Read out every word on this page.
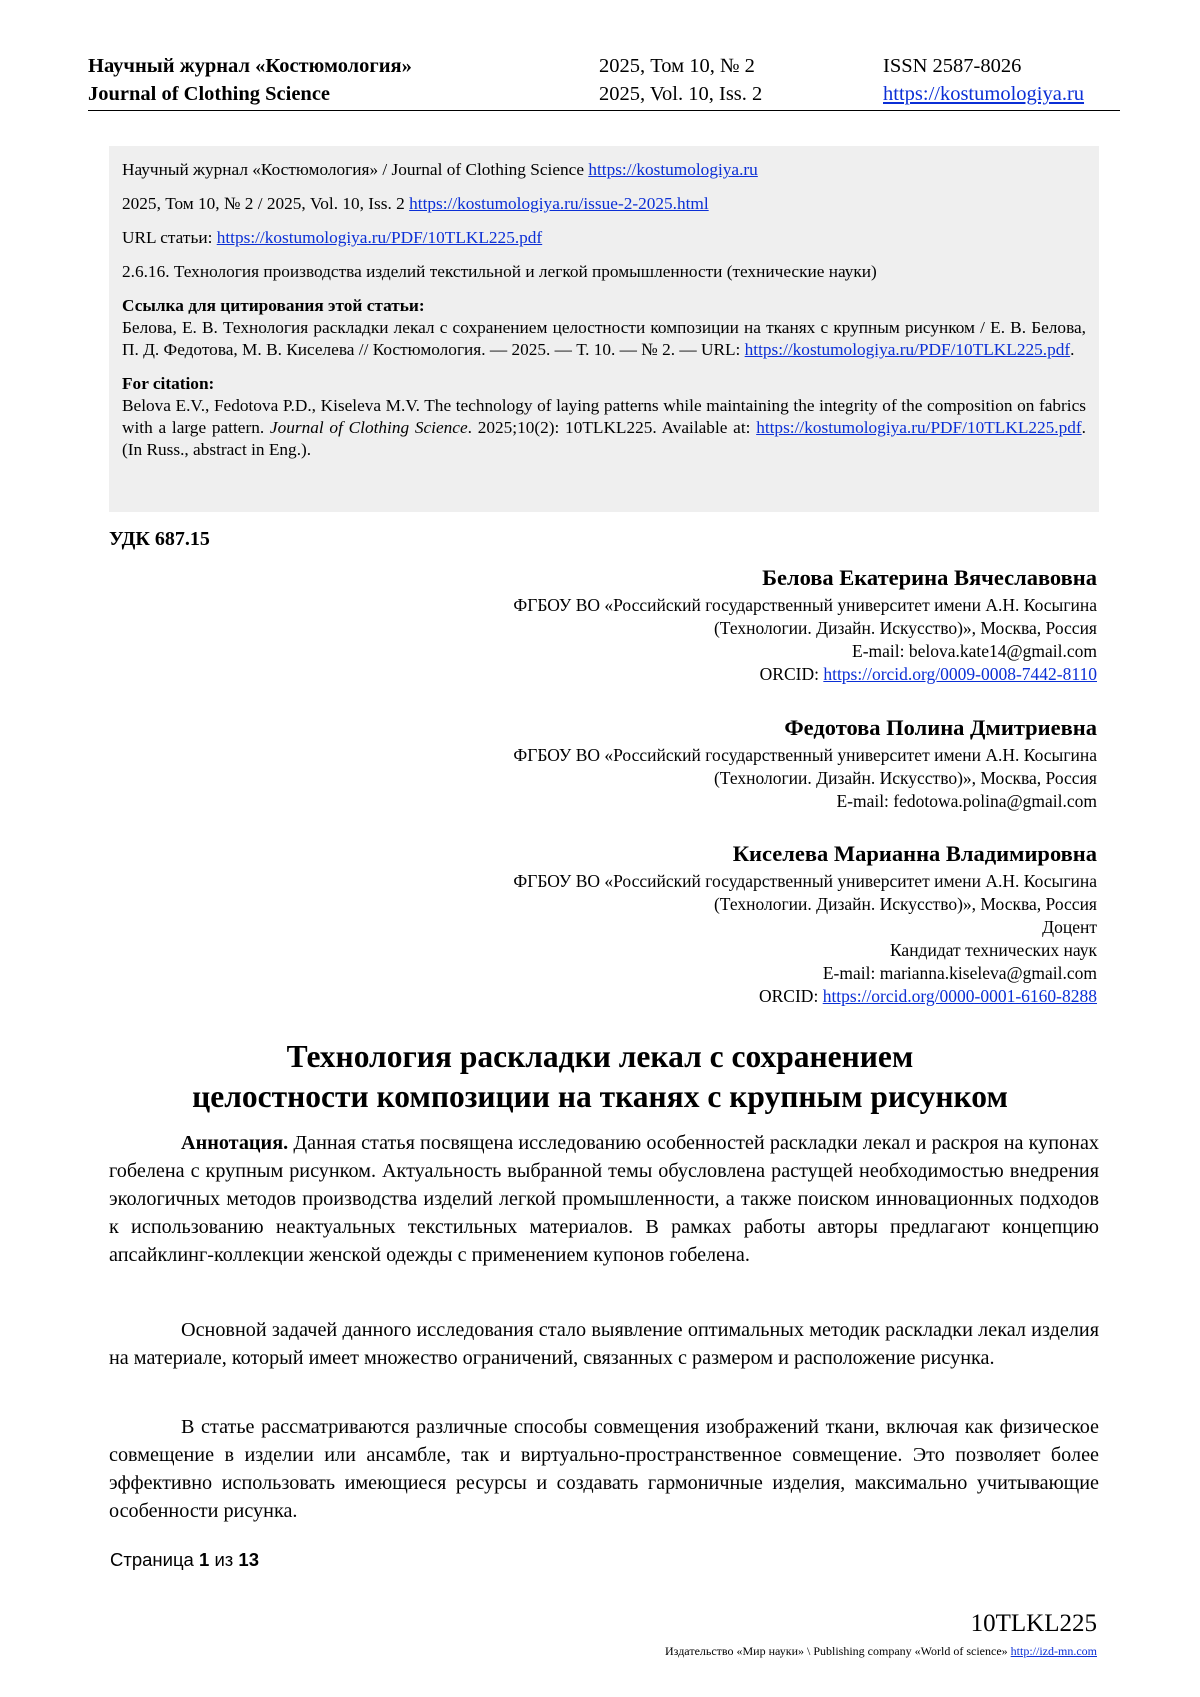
Научный журнал «Костюмология»
Journal of Clothing Science
2025, Том 10, № 2
2025, Vol. 10, Iss. 2
ISSN 2587-8026
https://kostumologiya.ru

Научный журнал «Костюмология» / Journal of Clothing Science https://kostumologiya.ru

2025, Том 10, № 2 / 2025, Vol. 10, Iss. 2 https://kostumologiya.ru/issue-2-2025.html

URL статьи: https://kostumologiya.ru/PDF/10TLKL225.pdf

2.6.16. Технология производства изделий текстильной и легкой промышленности (технические науки)

Ссылка для цитирования этой статьи:
Белова, Е. В. Технология раскладки лекал с сохранением целостности композиции на тканях с крупным рисунком / Е. В. Белова, П. Д. Федотова, М. В. Киселева // Костюмология. — 2025. — Т. 10. — № 2. — URL: https://kostumologiya.ru/PDF/10TLKL225.pdf.
For citation:
Belova E.V., Fedotova P.D., Kiseleva M.V. The technology of laying patterns while maintaining the integrity of the composition on fabrics with a large pattern. Journal of Clothing Science. 2025;10(2): 10TLKL225. Available at: https://kostumologiya.ru/PDF/10TLKL225.pdf. (In Russ., abstract in Eng.).
УДК 687.15
Белова Екатерина Вячеславовна
ФГБОУ ВО «Российский государственный университет имени А.Н. Косыгина
(Технологии. Дизайн. Искусство)», Москва, Россия
E-mail: belova.kate14@gmail.com
ORCID: https://orcid.org/0009-0008-7442-8110
Федотова Полина Дмитриевна
ФГБОУ ВО «Российский государственный университет имени А.Н. Косыгина
(Технологии. Дизайн. Искусство)», Москва, Россия
E-mail: fedotowa.polina@gmail.com
Киселева Марианна Владимировна
ФГБОУ ВО «Российский государственный университет имени А.Н. Косыгина
(Технологии. Дизайн. Искусство)», Москва, Россия
Доцент
Кандидат технических наук
E-mail: marianna.kiseleva@gmail.com
ORCID: https://orcid.org/0000-0001-6160-8288
Технология раскладки лекал с сохранением
целостности композиции на тканях с крупным рисунком

Аннотация. Данная статья посвящена исследованию особенностей раскладки лекал и раскроя на купонах гобелена с крупным рисунком. Актуальность выбранной темы обусловлена растущей необходимостью внедрения экологичных методов производства изделий легкой промышленности, а также поиском инновационных подходов к использованию неактуальных текстильных материалов. В рамках работы авторы предлагают концепцию апсайклинг-коллекции женской одежды с применением купонов гобелена.

Основной задачей данного исследования стало выявление оптимальных методик раскладки лекал изделия на материале, который имеет множество ограничений, связанных с размером и расположение рисунка.

В статье рассматриваются различные способы совмещения изображений ткани, включая как физическое совмещение в изделии или ансамбле, так и виртуально-пространственное совмещение. Это позволяет более эффективно использовать имеющиеся ресурсы и создавать гармоничные изделия, максимально учитывающие особенности рисунка.

Страница 1 из 13
10TLKL225
Издательство «Мир науки» \ Publishing company «World of science» http://izd-mn.com
